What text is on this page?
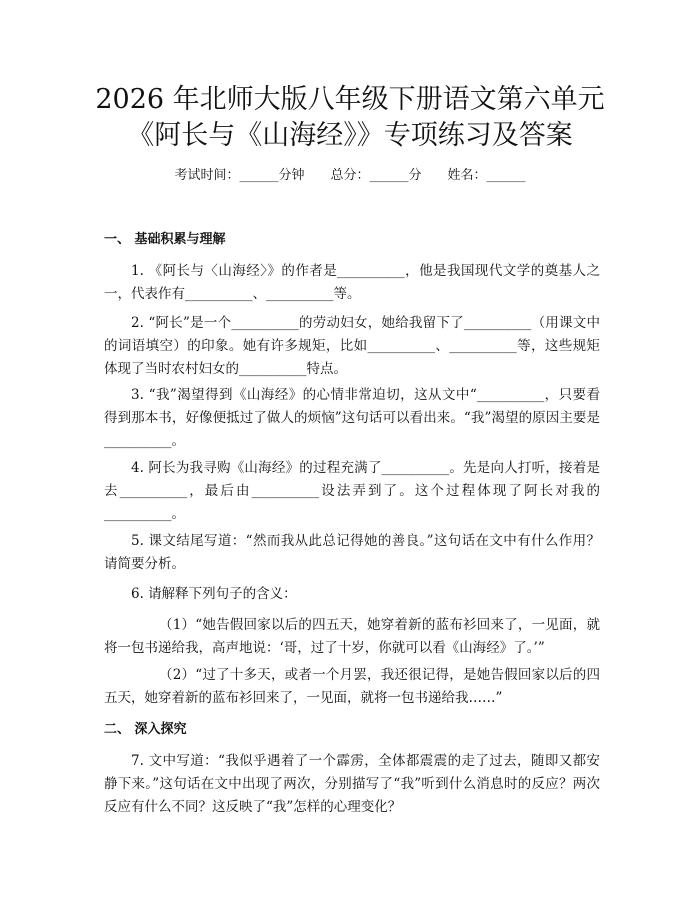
2026 年北师大版八年级下册语文第六单元
《阿长与《山海经》》专项练习及答案
考试时间：______分钟 总分：______分 姓名：______
一、 基础积累与理解

1. 《阿长与〈山海经〉》的作者是__________，他是我国现代文学的奠基人之一，代表作有__________、__________等。

2. “阿长”是一个__________的劳动妇女，她给我留下了__________（用课文中的词语填空）的印象。她有许多规矩，比如__________、__________等，这些规矩体现了当时农村妇女的__________特点。

3. “我”渴望得到《山海经》的心情非常迫切，这从文中“__________，只要看得到那本书，好像便抵过了做人的烦恼”这句话可以看出来。“我”渴望的原因主要是__________。

4. 阿长为我寻购《山海经》的过程充满了__________。先是向人打听，接着是去__________，最后由__________设法弄到了。这个过程体现了阿长对我的__________。

5. 课文结尾写道：“然而我从此总记得她的善良。”这句话在文中有什么作用？请简要分析。

6. 请解释下列句子的含义：

（1）“她告假回家以后的四五天，她穿着新的蓝布衫回来了，一见面，就将一包书递给我，高声地说：‘哥，过了十岁，你就可以看《山海经》了。’”

（2）“过了十多天，或者一个月罢，我还很记得，是她告假回家以后的四五天，她穿着新的蓝布衫回来了，一见面，就将一包书递给我……”

二、 深入探究

7. 文中写道：“我似乎遇着了一个霹雳，全体都震震的走了过去，随即又都安静下来。”这句话在文中出现了两次，分别描写了“我”听到什么消息时的反应？两次反应有什么不同？这反映了“我”怎样的心理变化？
